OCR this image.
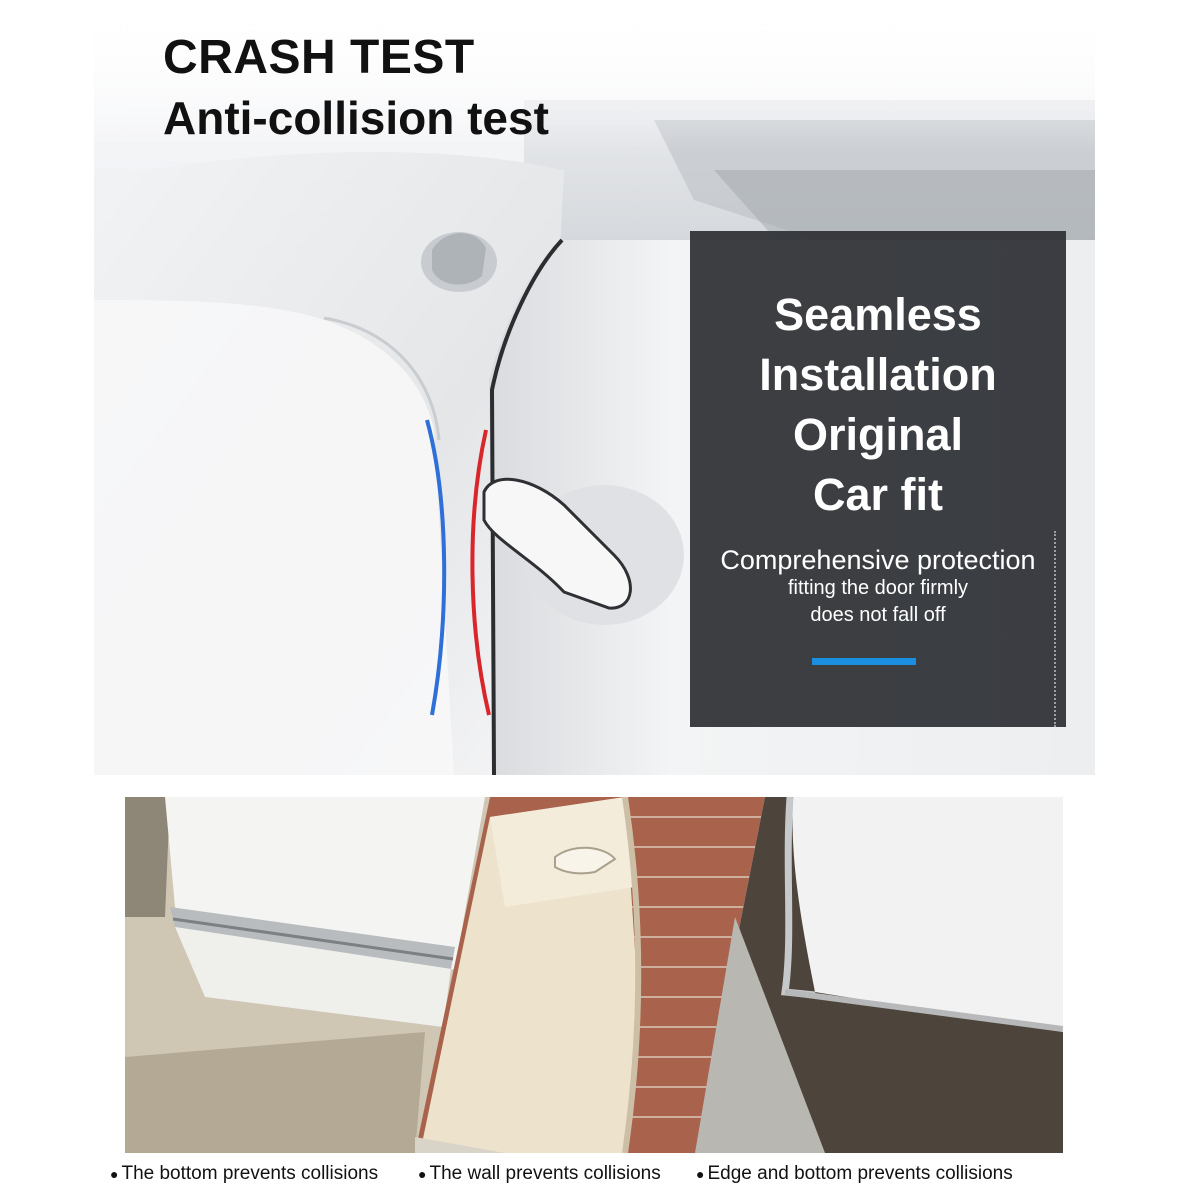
CRASH TEST
Anti-collision test
Seamless
Installation
Original
Car fit
Comprehensive protection
fitting the door firmly
does not fall off
● The bottom prevents collisions	● The wall prevents collisions	● Edge and bottom prevents collisions
